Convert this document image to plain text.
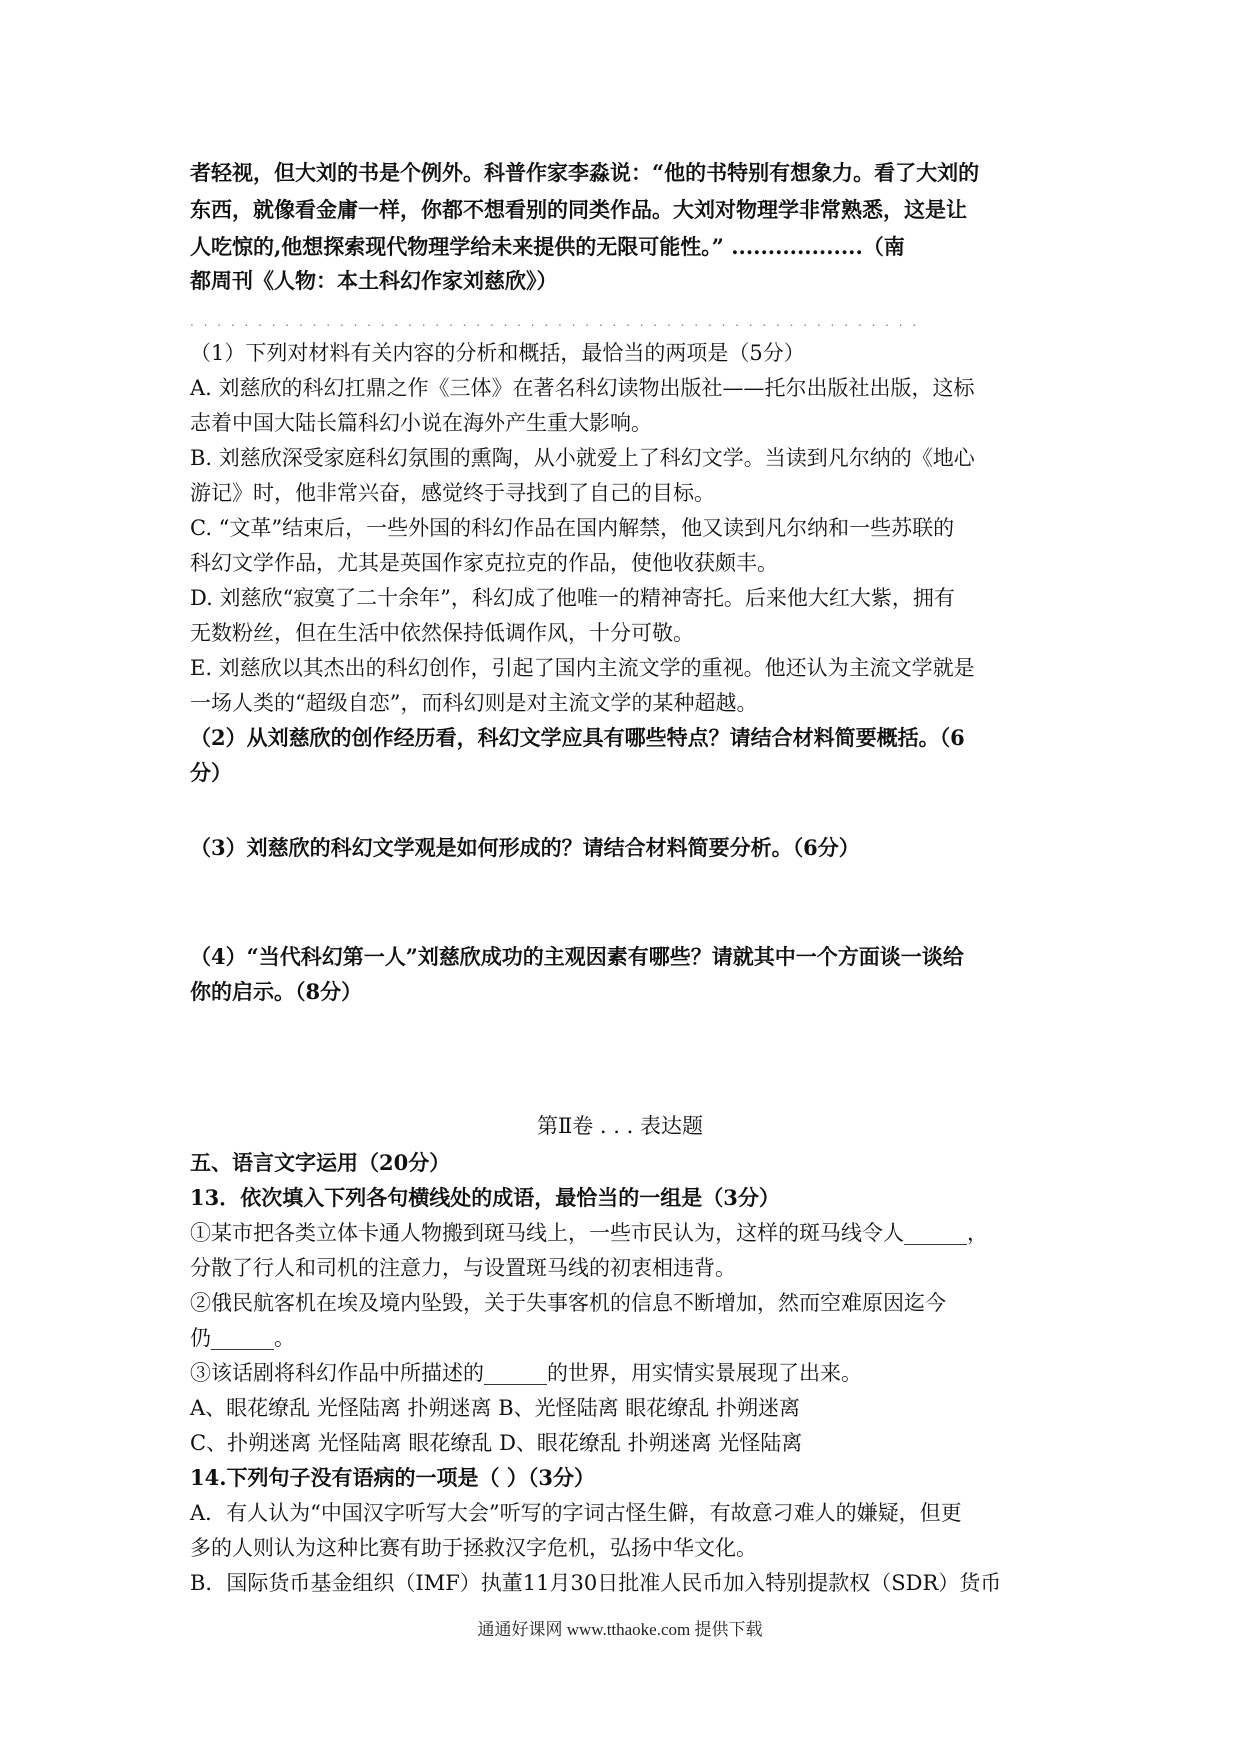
者轻视，但大刘的书是个例外。科普作家李淼说：“他的书特别有想象力。看了大刘的
东西，就像看金庸一样，你都不想看别的同类作品。大刘对物理学非常熟悉，这是让
人吃惊的,他想探索现代物理学给未来提供的无限可能性。” ..................（南
都周刊《人物：本土科幻作家刘慈欣》）
. . . . . . . . . . . . . . . . . . . . . . . . . . . . . . . . . . . . . . . . . . . . . . . . . . . . . .
（1）下列对材料有关内容的分析和概括，最恰当的两项是（5分）
A. 刘慈欣的科幻扛鼎之作《三体》在著名科幻读物出版社——托尔出版社出版，这标
志着中国大陆长篇科幻小说在海外产生重大影响。
B. 刘慈欣深受家庭科幻氛围的熏陶，从小就爱上了科幻文学。当读到凡尔纳的《地心
游记》时，他非常兴奋，感觉终于寻找到了自己的目标。
C. “文革”结束后，一些外国的科幻作品在国内解禁，他又读到凡尔纳和一些苏联的
科幻文学作品，尤其是英国作家克拉克的作品，使他收获颇丰。
D. 刘慈欣“寂寞了二十余年”，科幻成了他唯一的精神寄托。后来他大红大紫，拥有
无数粉丝，但在生活中依然保持低调作风，十分可敬。
E. 刘慈欣以其杰出的科幻创作，引起了国内主流文学的重视。他还认为主流文学就是
一场人类的“超级自恋”，而科幻则是对主流文学的某种超越。
（2）从刘慈欣的创作经历看，科幻文学应具有哪些特点？请结合材料简要概括。（6
分）
（3）刘慈欣的科幻文学观是如何形成的？请结合材料简要分析。（6分）
（4）“当代科幻第一人”刘慈欣成功的主观因素有哪些？请就其中一个方面谈一谈给
你的启示。（8分）
第Ⅱ卷 . . . 表达题
五、语言文字运用（20分）
13．依次填入下列各句横线处的成语，最恰当的一组是（3分）
①某市把各类立体卡通人物搬到斑马线上，一些市民认为，这样的斑马线令人______，
分散了行人和司机的注意力，与设置斑马线的初衷相违背。
②俄民航客机在埃及境内坠毁，关于失事客机的信息不断增加，然而空难原因迄今
仍______。
③该话剧将科幻作品中所描述的______的世界，用实情实景展现了出来。
A、眼花缭乱 光怪陆离 扑朔迷离 B、光怪陆离 眼花缭乱 扑朔迷离
C、扑朔迷离 光怪陆离 眼花缭乱 D、眼花缭乱 扑朔迷离 光怪陆离
14.下列句子没有语病的一项是（ ）（3分）
A．有人认为“中国汉字听写大会”听写的字词古怪生僻，有故意刁难人的嫌疑，但更
多的人则认为这种比赛有助于拯救汉字危机，弘扬中华文化。
B．国际货币基金组织（IMF）执董11月30日批准人民币加入特别提款权（SDR）货币
通通好课网 www.tthaoke.com 提供下载
